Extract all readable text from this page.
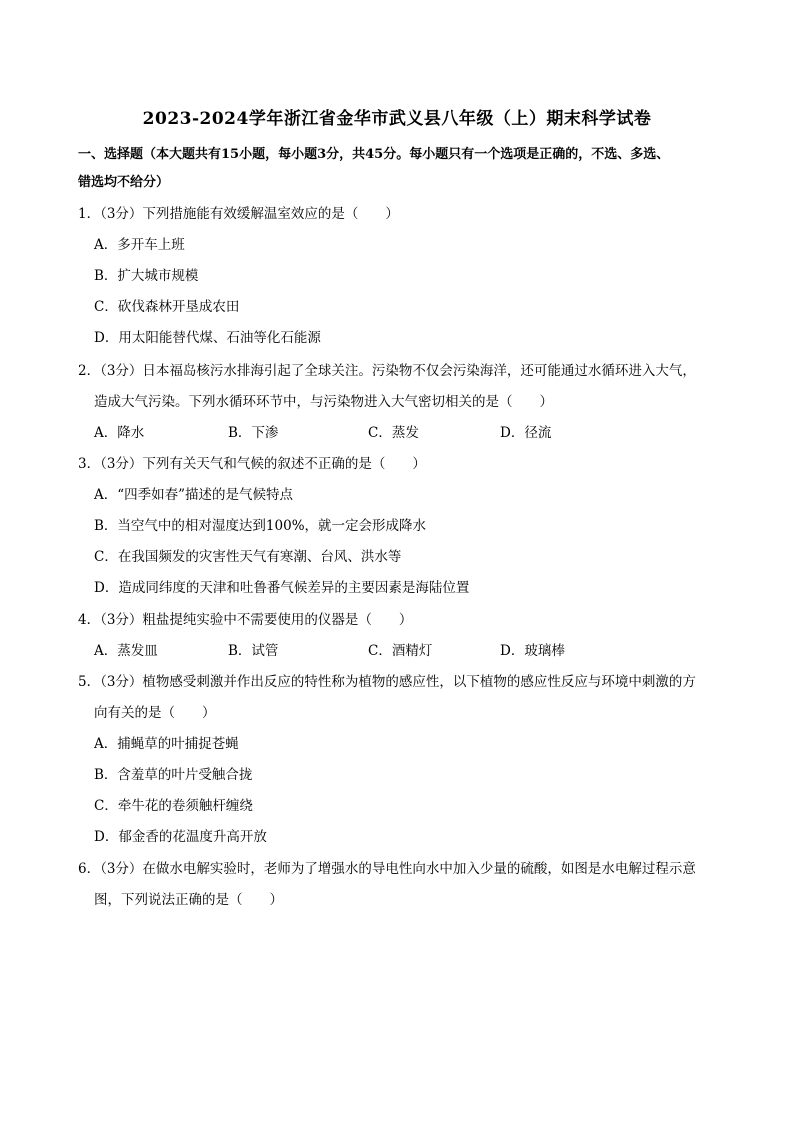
2023-2024学年浙江省金华市武义县八年级（上）期末科学试卷
一、选择题（本大题共有15小题，每小题3分，共45分。每小题只有一个选项是正确的，不选、多选、
错选均不给分）
1．（3分）下列措施能有效缓解温室效应的是（　　）
A．多开车上班
B．扩大城市规模
C．砍伐森林开垦成农田
D．用太阳能替代煤、石油等化石能源
2．（3分）日本福岛核污水排海引起了全球关注。污染物不仅会污染海洋，还可能通过水循环进入大气，
造成大气污染。下列水循环环节中，与污染物进入大气密切相关的是（　　）
A．降水	B．下渗	C．蒸发	D．径流
3．（3分）下列有关天气和气候的叙述不正确的是（　　）
A．“四季如春”描述的是气候特点
B．当空气中的相对湿度达到100%，就一定会形成降水
C．在我国频发的灾害性天气有寒潮、台风、洪水等
D．造成同纬度的天津和吐鲁番气候差异的主要因素是海陆位置
4．（3分）粗盐提纯实验中不需要使用的仪器是（　　）
A．蒸发皿	B．试管	C．酒精灯	D．玻璃棒
5．（3分）植物感受刺激并作出反应的特性称为植物的感应性，以下植物的感应性反应与环境中刺激的方
向有关的是（　　）
A．捕蝇草的叶捕捉苍蝇
B．含羞草的叶片受触合拢
C．牵牛花的卷须触杆缠绕
D．郁金香的花温度升高开放
6．（3分）在做水电解实验时，老师为了增强水的导电性向水中加入少量的硫酸，如图是水电解过程示意
图，下列说法正确的是（　　）
